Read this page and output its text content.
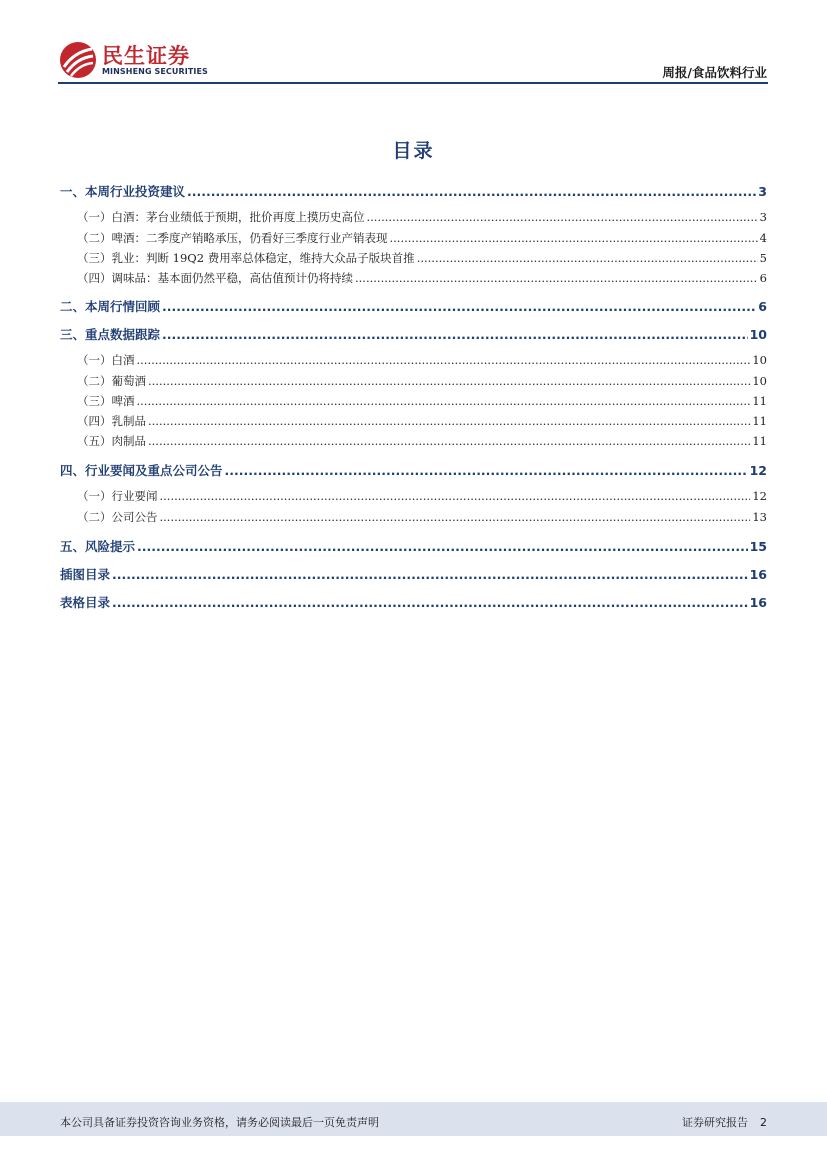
民生证券
MINSHENG SECURITIES	周报/食品饮料行业
目录
一、本周行业投资建议 .....	3
（一）白酒：茅台业绩低于预期，批价再度上摸历史高位 .....	3
（二）啤酒：二季度产销略承压，仍看好三季度行业产销表现 .....	4
（三）乳业：判断 19Q2 费用率总体稳定，维持大众品子版块首推 .....	5
（四）调味品：基本面仍然平稳，高估值预计仍将持续 .....	6
二、本周行情回顾 .....	6
三、重点数据跟踪 .....	10
（一）白酒 .....	10
（二）葡萄酒 .....	10
（三）啤酒 .....	11
（四）乳制品 .....	11
（五）肉制品 .....	11
四、行业要闻及重点公司公告 .....	12
（一）行业要闻 .....	12
（二）公司公告 .....	13
五、风险提示 .....	15
插图目录 .....	16
表格目录 .....	16
本公司具备证券投资咨询业务资格，请务必阅读最后一页免责声明	证券研究报告 2
